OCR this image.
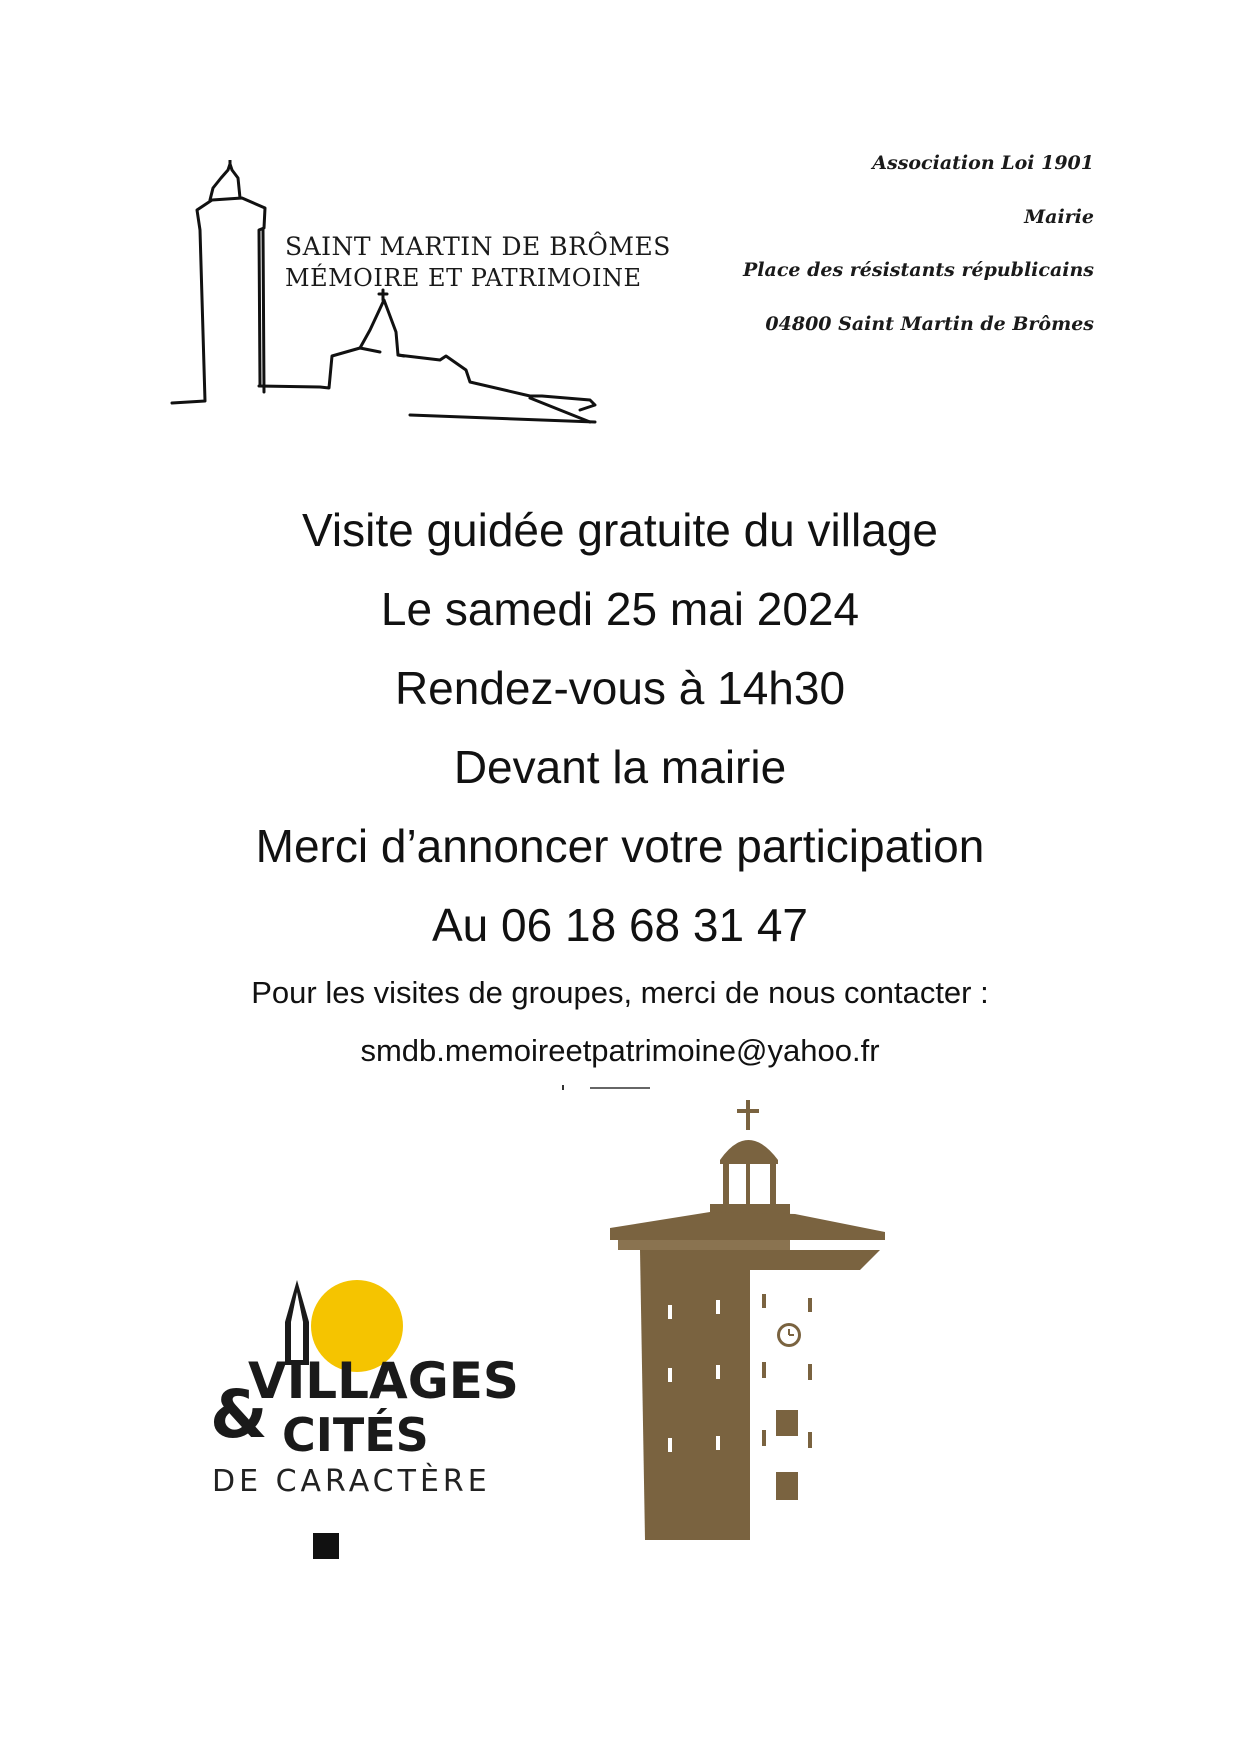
SAINT MARTIN DE BRÔMES
MÉMOIRE ET PATRIMOINE
Association Loi 1901
Mairie
Place des résistants républicains
04800 Saint Martin de Brômes
Visite guidée gratuite du village
Le samedi 25 mai 2024
Rendez-vous à 14h30
Devant la mairie
Merci d’annoncer votre participation
Au 06 18 68 31 47
Pour les visites de groupes, merci de nous contacter :
smdb.memoireetpatrimoine@yahoo.fr
VILLAGES
& CITÉS
DE CARACTÈRE
